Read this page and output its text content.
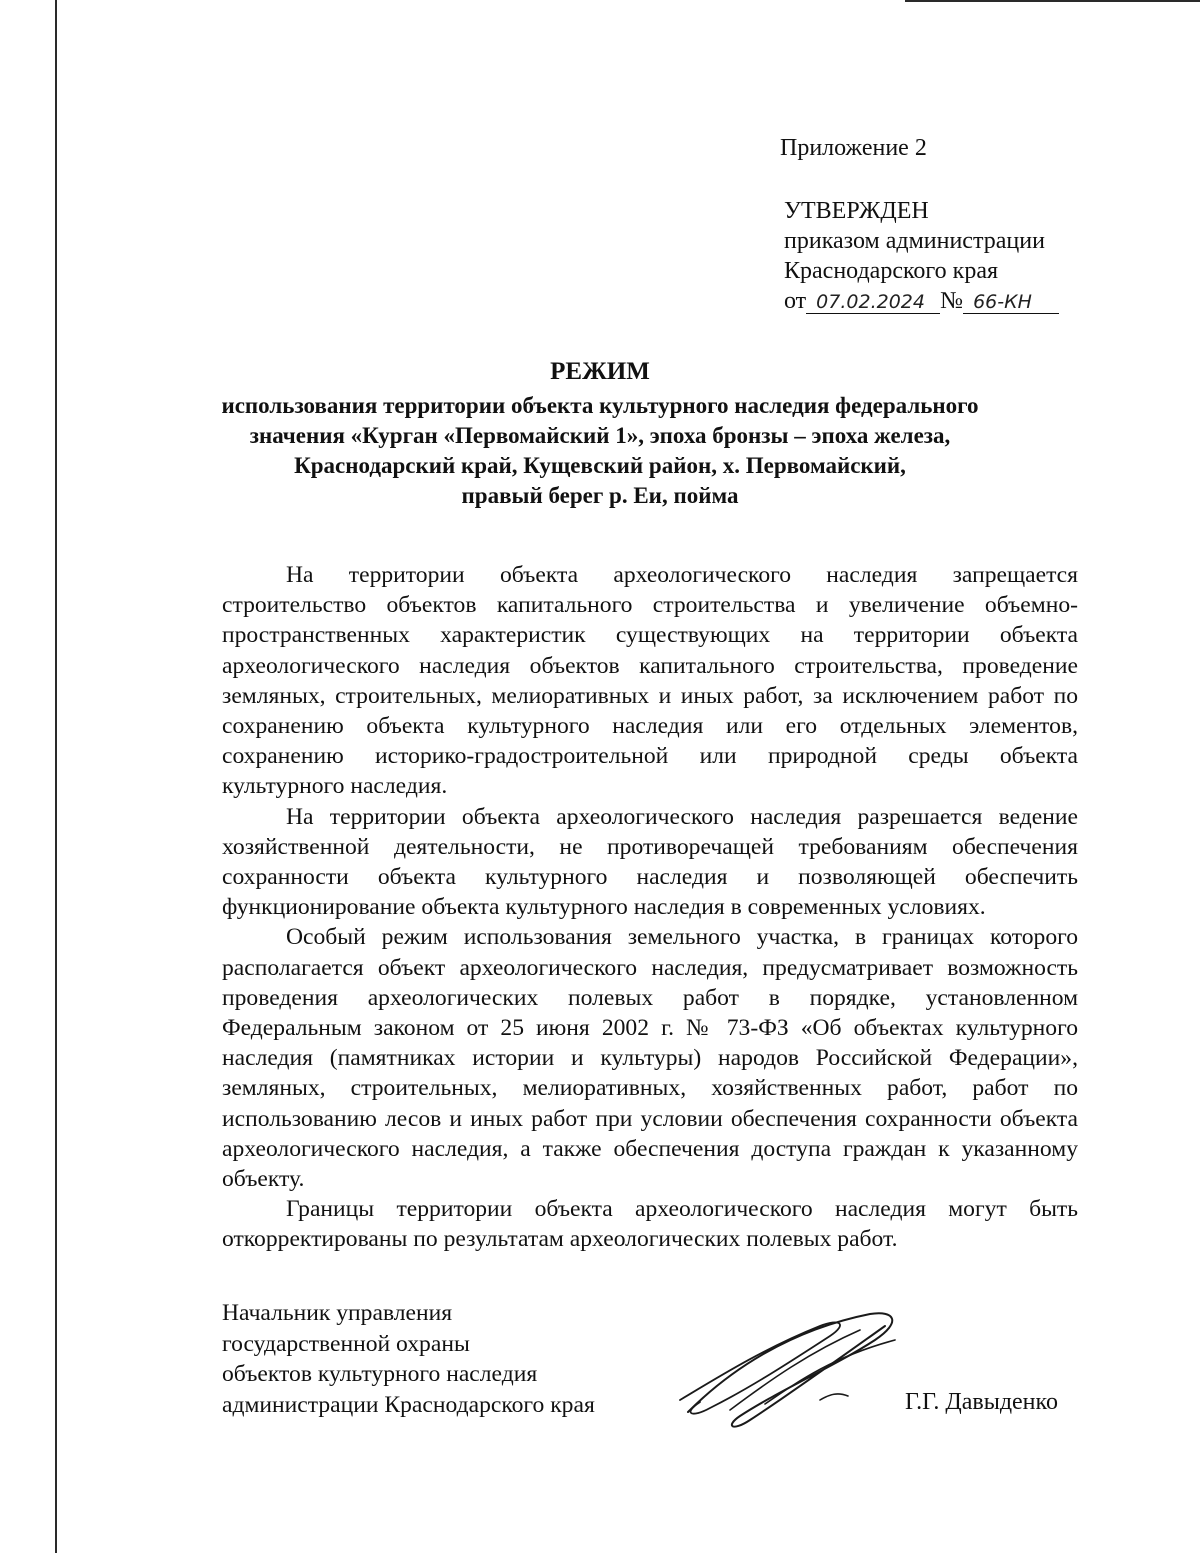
Приложение 2
УТВЕРЖДЕН
приказом администрации
Краснодарского края
от 07.02.2024 № 66-КН
РЕЖИМ
использования территории объекта культурного наследия федерального
значения «Курган «Первомайский 1», эпоха бронзы – эпоха железа,
Краснодарский край, Кущевский район, х. Первомайский,
правый берег р. Еи, пойма

На территории объекта археологического наследия запрещается строительство объектов капитального строительства и увеличение объемно-пространственных характеристик существующих на территории объекта археологического наследия объектов капитального строительства, проведение земляных, строительных, мелиоративных и иных работ, за исключением работ по сохранению объекта культурного наследия или его отдельных элементов, сохранению историко-градостроительной или природной среды объекта культурного наследия.

На территории объекта археологического наследия разрешается ведение хозяйственной деятельности, не противоречащей требованиям обеспечения сохранности объекта культурного наследия и позволяющей обеспечить функционирование объекта культурного наследия в современных условиях.

Особый режим использования земельного участка, в границах которого располагается объект археологического наследия, предусматривает возможность проведения археологических полевых работ в порядке, установленном Федеральным законом от 25 июня 2002 г. № 73-ФЗ «Об объектах культурного наследия (памятниках истории и культуры) народов Российской Федерации», земляных, строительных, мелиоративных, хозяйственных работ, работ по использованию лесов и иных работ при условии обеспечения сохранности объекта археологического наследия, а также обеспечения доступа граждан к указанному объекту.

Границы территории объекта археологического наследия могут быть откорректированы по результатам археологических полевых работ.

Начальник управления
государственной охраны
объектов культурного наследия
администрации Краснодарского края	Г.Г. Давыденко
